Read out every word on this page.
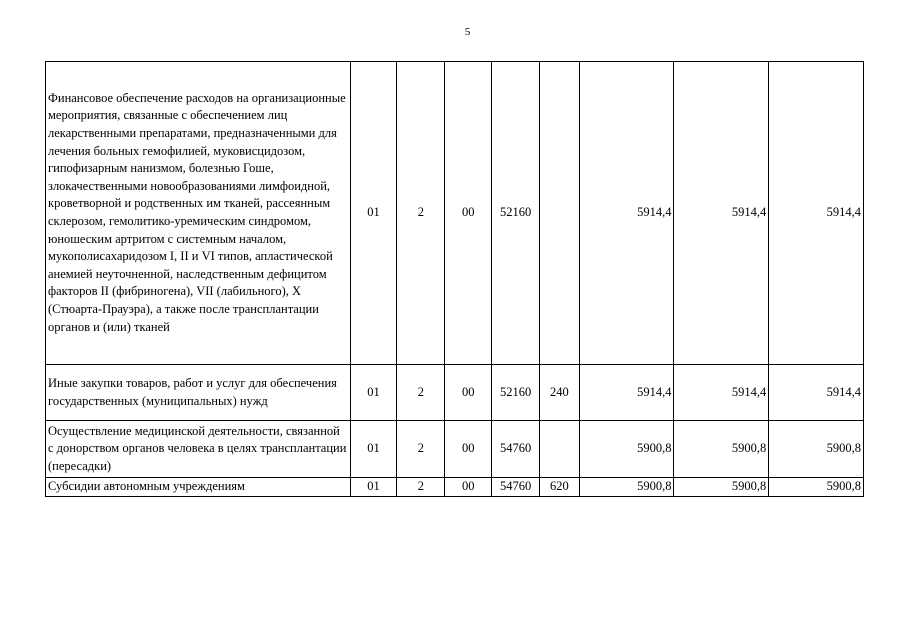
5
Финансовое обеспечение расходов на организационные мероприятия, связанные с обеспечением лиц лекарственными препаратами, предназначенными для лечения больных гемофилией, муковисцидозом, гипофизарным нанизмом, болезнью Гоше, злокачественными новообразованиями лимфоидной, кроветворной и родственных им тканей, рассеянным склерозом, гемолитико-уремическим синдромом, юношеским артритом с системным началом, мукополисахаридозом I, II и VI типов, апластической анемией неуточненной, наследственным дефицитом факторов II (фибриногена), VII (лабильного), X (Стюарта-Прауэра), а также после трансплантации органов и (или) тканей	01	2	00	52160		5914,4	5914,4	5914,4
Иные закупки товаров, работ и услуг для обеспечения государственных (муниципальных) нужд	01	2	00	52160	240	5914,4	5914,4	5914,4
Осуществление медицинской деятельности, связанной с донорством органов человека в целях трансплантации (пересадки)	01	2	00	54760		5900,8	5900,8	5900,8
Субсидии автономным учреждениям	01	2	00	54760	620	5900,8	5900,8	5900,8
